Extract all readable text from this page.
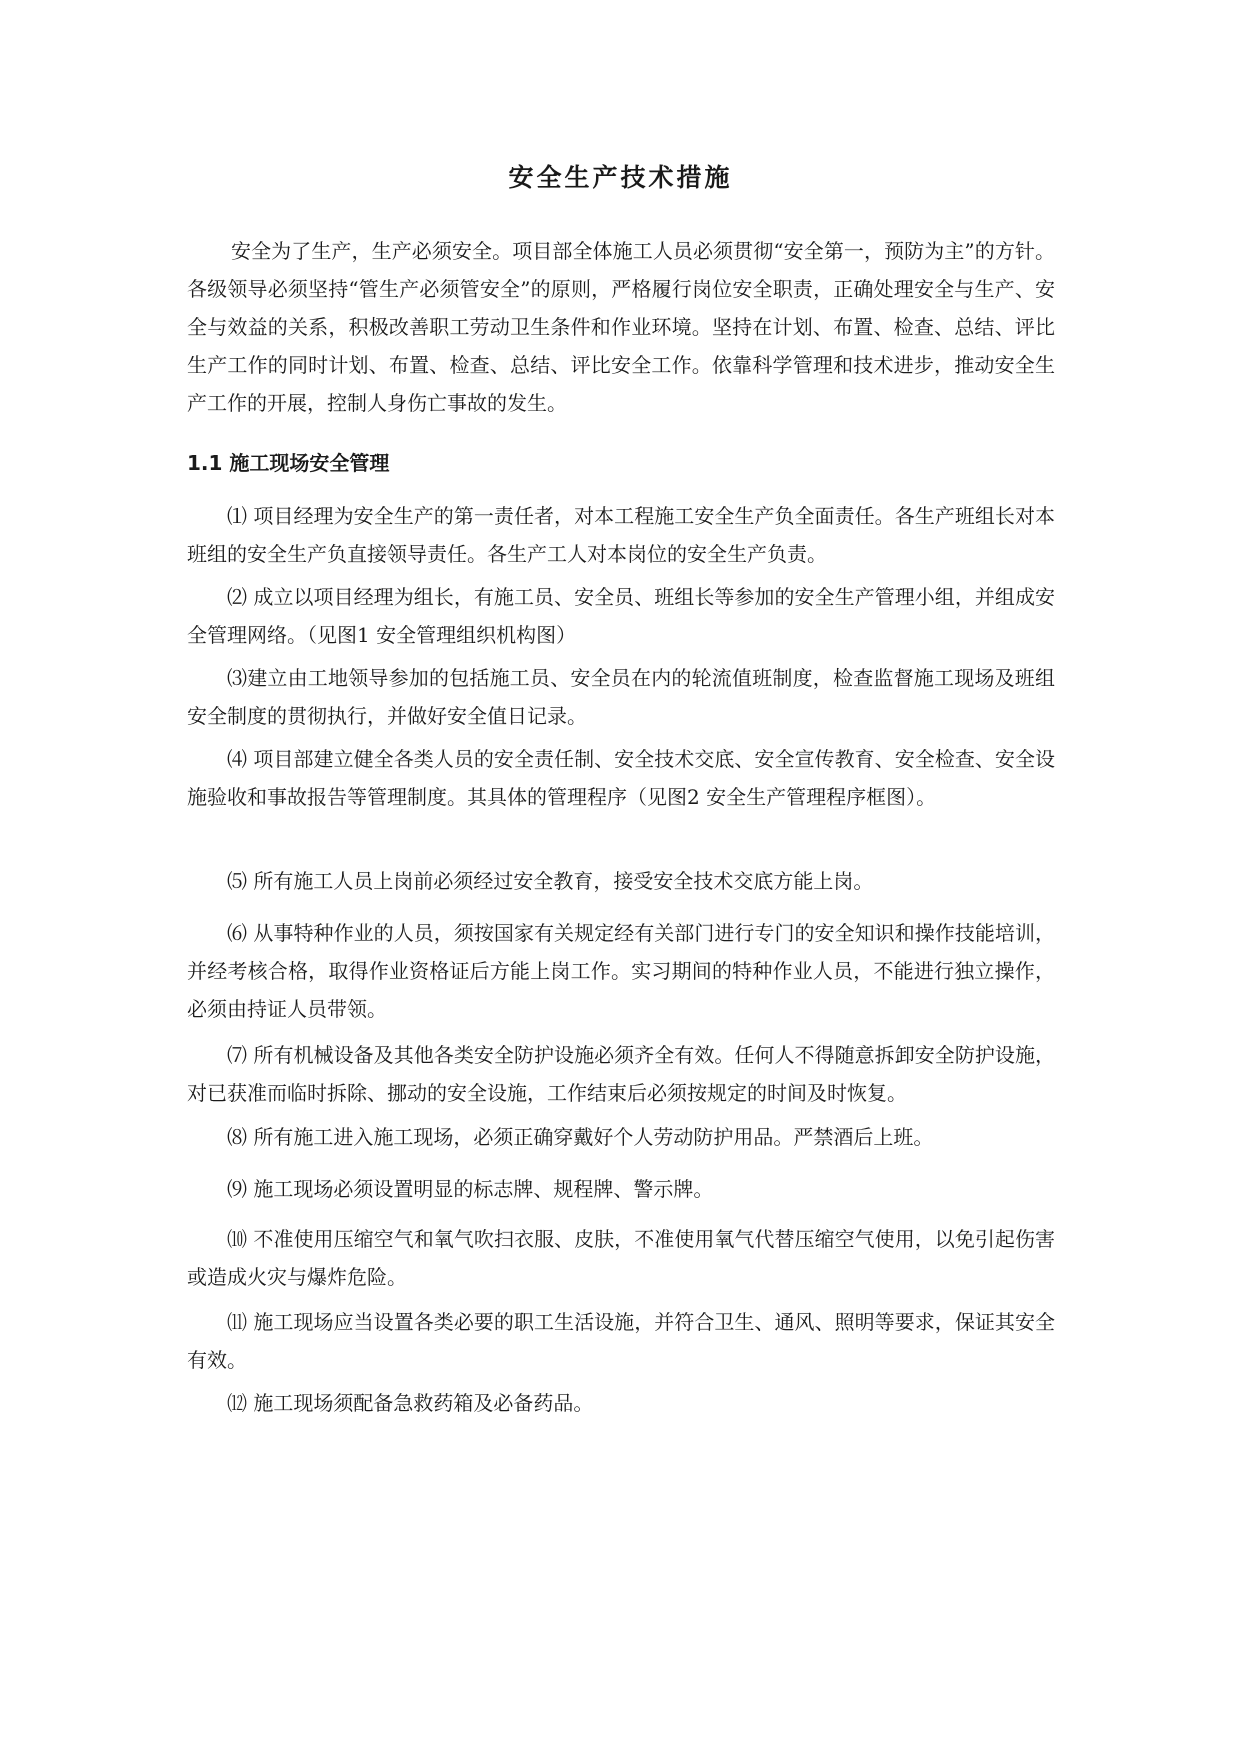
安全生产技术措施
安全为了生产，生产必须安全。项目部全体施工人员必须贯彻“安全第一，预防为主”的方针。各级领导必须坚持“管生产必须管安全”的原则，严格履行岗位安全职责，正确处理安全与生产、安全与效益的关系，积极改善职工劳动卫生条件和作业环境。坚持在计划、布置、检查、总结、评比生产工作的同时计划、布置、检查、总结、评比安全工作。依靠科学管理和技术进步，推动安全生产工作的开展，控制人身伤亡事故的发生。
1.1 施工现场安全管理
⑴ 项目经理为安全生产的第一责任者，对本工程施工安全生产负全面责任。各生产班组长对本班组的安全生产负直接领导责任。各生产工人对本岗位的安全生产负责。
⑵ 成立以项目经理为组长，有施工员、安全员、班组长等参加的安全生产管理小组，并组成安全管理网络。（见图1 安全管理组织机构图）
⑶建立由工地领导参加的包括施工员、安全员在内的轮流值班制度，检查监督施工现场及班组安全制度的贯彻执行，并做好安全值日记录。
⑷ 项目部建立健全各类人员的安全责任制、安全技术交底、安全宣传教育、安全检查、安全设施验收和事故报告等管理制度。其具体的管理程序（见图2 安全生产管理程序框图）。
⑸ 所有施工人员上岗前必须经过安全教育，接受安全技术交底方能上岗。
⑹ 从事特种作业的人员，须按国家有关规定经有关部门进行专门的安全知识和操作技能培训，并经考核合格，取得作业资格证后方能上岗工作。实习期间的特种作业人员，不能进行独立操作，必须由持证人员带领。
⑺ 所有机械设备及其他各类安全防护设施必须齐全有效。任何人不得随意拆卸安全防护设施，对已获准而临时拆除、挪动的安全设施，工作结束后必须按规定的时间及时恢复。
⑻ 所有施工进入施工现场，必须正确穿戴好个人劳动防护用品。严禁酒后上班。
⑼ 施工现场必须设置明显的标志牌、规程牌、警示牌。
⑽ 不准使用压缩空气和氧气吹扫衣服、皮肤，不准使用氧气代替压缩空气使用，以免引起伤害或造成火灾与爆炸危险。
⑾ 施工现场应当设置各类必要的职工生活设施，并符合卫生、通风、照明等要求，保证其安全有效。
⑿ 施工现场须配备急救药箱及必备药品。
